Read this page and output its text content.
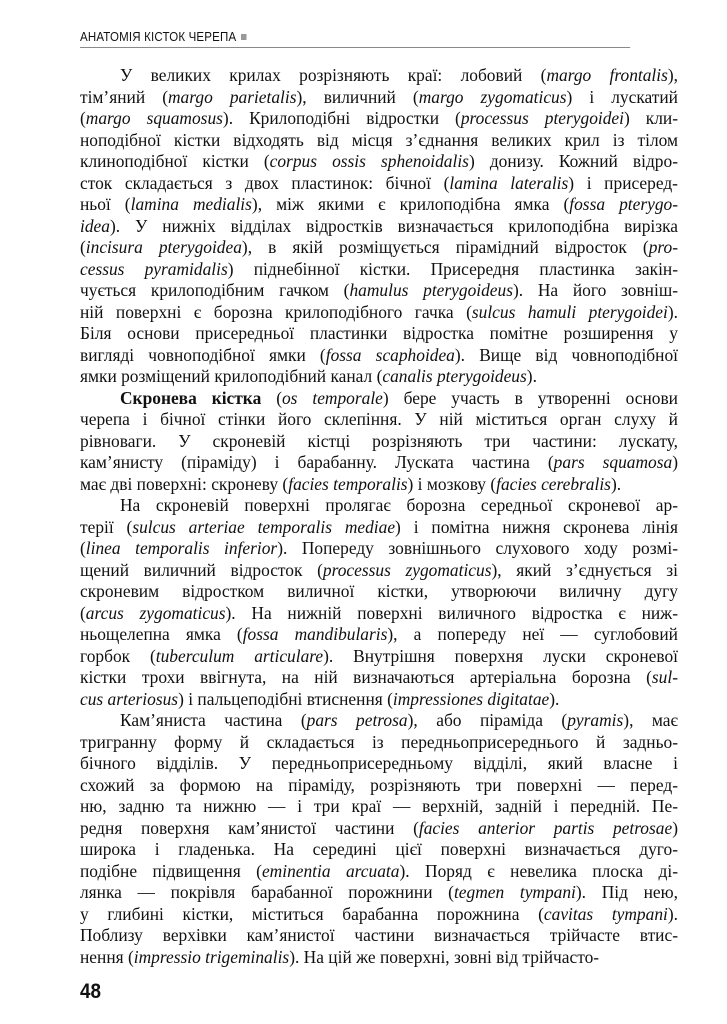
АНАТОМІЯ КІСТОК ЧЕРЕПА
У великих крилах розрізняють краї: лобовий (margo frontalis),
тім’яний (margo parietalis), виличний (margo zygomaticus) і лускатий
(margo squamosus). Крилоподібні відростки (processus pterygoidei) кли-
ноподібної кістки відходять від місця з’єднання великих крил із тілом
клиноподібної кістки (corpus ossis sphenoidalis) донизу. Кожний відро-
сток складається з двох пластинок: бічної (lamina lateralis) і присеред-
ньої (lamina medialis), між якими є крилоподібна ямка (fossa pterygo-
idea). У нижніх відділах відростків визначається крилоподібна вирізка
(incisura pterygoidea), в якій розміщується пірамідний відросток (pro-
cessus pyramidalis) піднебінної кістки. Присередня пластинка закін-
чується крилоподібним гачком (hamulus pterygoideus). На його зовніш-
ній поверхні є борозна крилоподібного гачка (sulcus hamuli pterygoidei).
Біля основи присередньої пластинки відростка помітне розширення у
вигляді човноподібної ямки (fossa scaphoidea). Вище від човноподібної
ямки розміщений крилоподібний канал (canalis pterygoideus).
Скронева кістка (os temporale) бере участь в утворенні основи
черепа і бічної стінки його склепіння. У ній міститься орган слуху й
рівноваги. У скроневій кістці розрізняють три частини: лускату,
кам’янисту (піраміду) і барабанну. Луската частина (pars squamosa)
має дві поверхні: скроневу (facies temporalis) і мозкову (facies cerebralis).
На скроневій поверхні пролягає борозна середньої скроневої ар-
терії (sulcus arteriae temporalis mediae) і помітна нижня скронева лінія
(linea temporalis inferior). Попереду зовнішнього слухового ходу розмі-
щений виличний відросток (processus zygomaticus), який з’єднується зі
скроневим відростком виличної кістки, утворюючи виличну дугу
(arcus zygomaticus). На нижній поверхні виличного відростка є ниж-
ньощелепна ямка (fossa mandibularis), а попереду неї — суглобовий
горбок (tuberculum articulare). Внутрішня поверхня луски скроневої
кістки трохи ввігнута, на ній визначаються артеріальна борозна (sul-
cus arteriosus) і пальцеподібні втиснення (impressiones digitatae).
Кам’яниста частина (pars petrosa), або піраміда (pyramis), має
тригранну форму й складається із передньоприсереднього й задньо-
бічного відділів. У передньоприсередньому відділі, який власне і
схожий за формою на піраміду, розрізняють три поверхні — перед-
ню, задню та нижню — і три краї — верхній, задній і передній. Пе-
редня поверхня кам’янистої частини (facies anterior partis petrosae)
широка і гладенька. На середині цієї поверхні визначається дуго-
подібне підвищення (eminentia arcuata). Поряд є невелика плоска ді-
лянка — покрівля барабанної порожнини (tegmen tympani). Під нею,
у глибині кістки, міститься барабанна порожнина (cavitas tympani).
Поблизу верхівки кам’янистої частини визначається трійчасте втис-
нення (impressio trigeminalis). На цій же поверхні, зовні від трійчасто-
48
